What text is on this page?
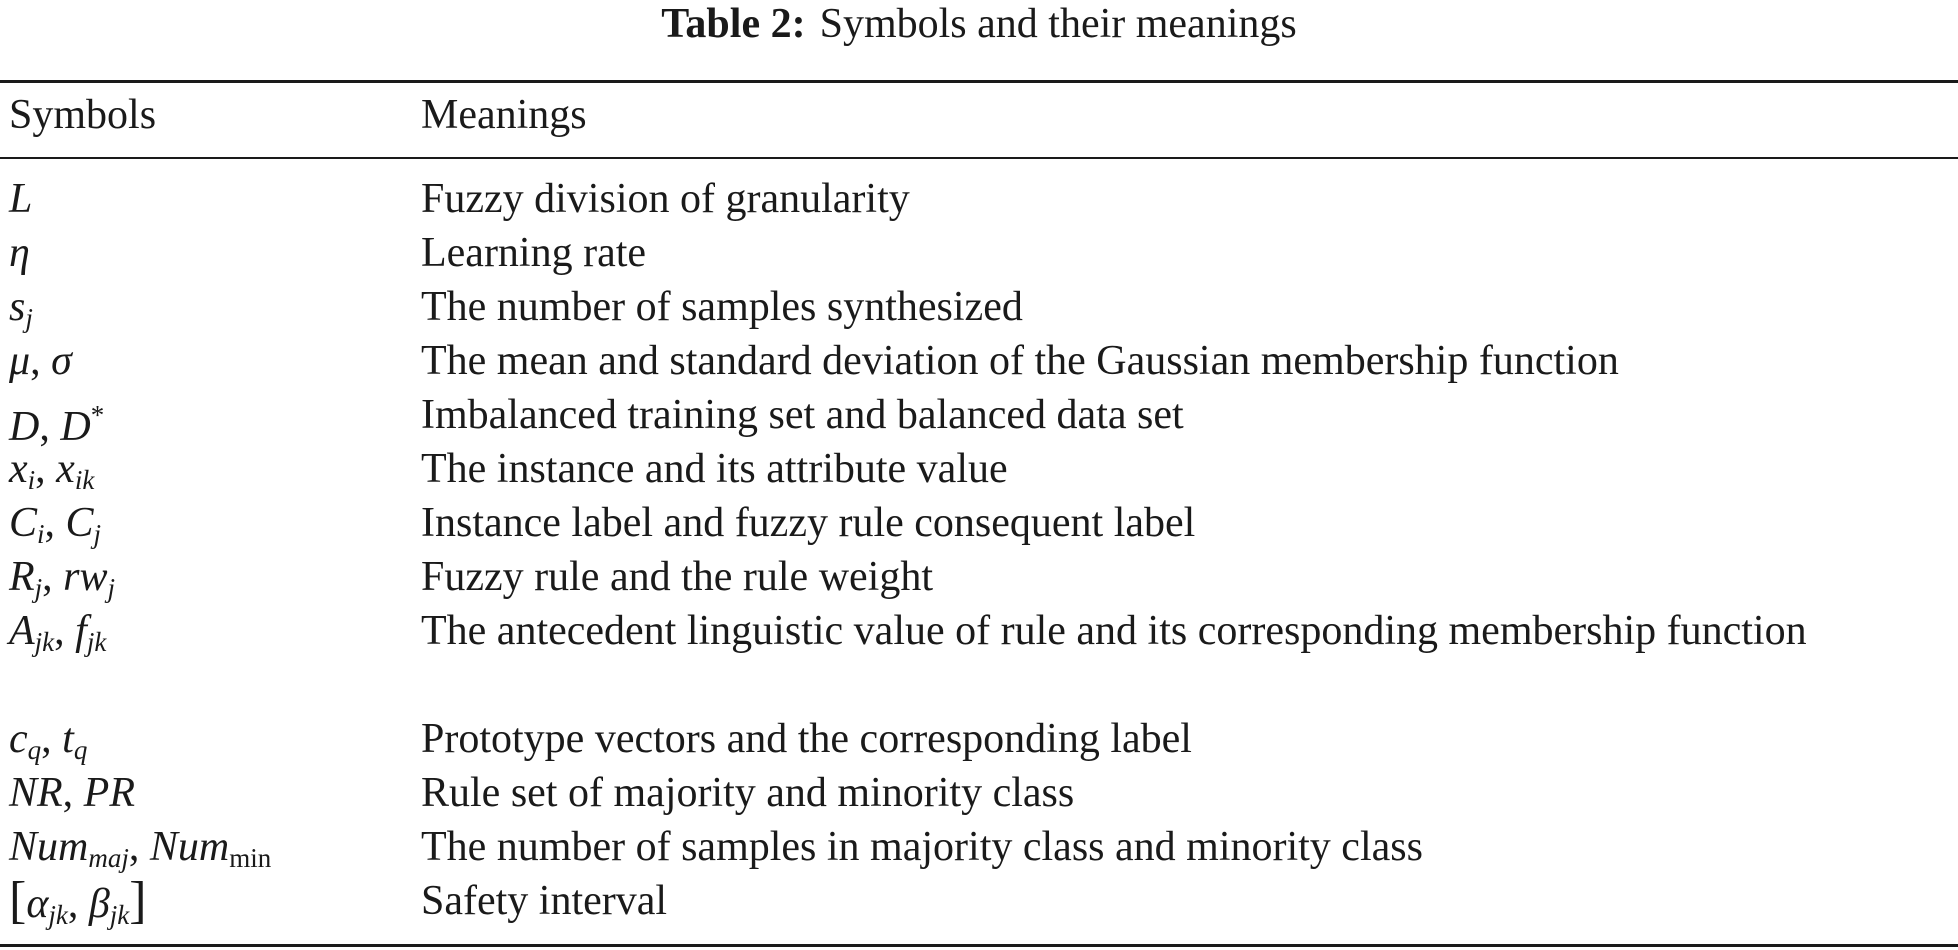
Table 2: Symbols and their meanings
Symbols	Meanings
L	Fuzzy division of granularity
η	Learning rate
sj	The number of samples synthesized
μ, σ	The mean and standard deviation of the Gaussian membership function
D, D*	Imbalanced training set and balanced data set
xi, xik	The instance and its attribute value
Ci, Cj	Instance label and fuzzy rule consequent label
Rj, rwj	Fuzzy rule and the rule weight
Ajk, fjk	The antecedent linguistic value of rule and its corresponding membership function
cq, tq	Prototype vectors and the corresponding label
NR, PR	Rule set of majority and minority class
Nummaj, Nummin	The number of samples in majority class and minority class
[αjk, βjk]	Safety interval
